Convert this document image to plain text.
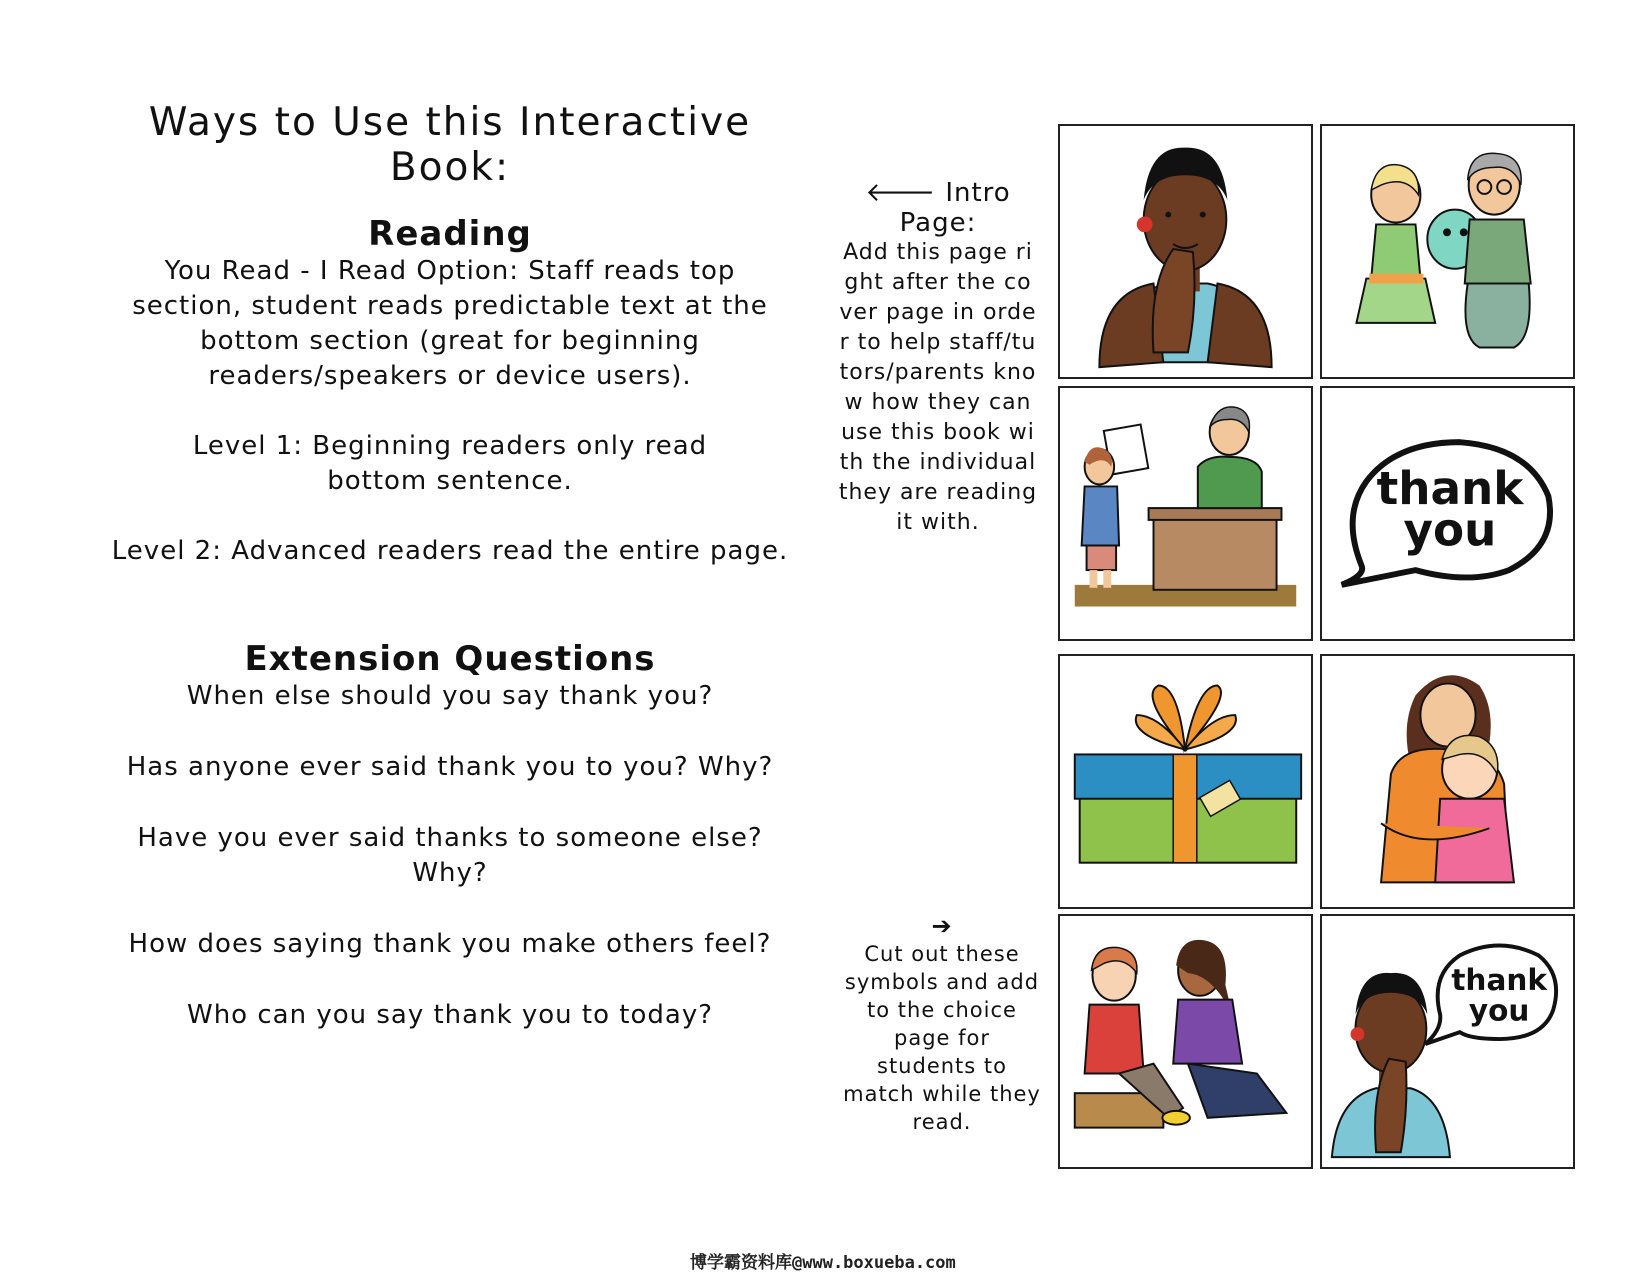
Ways to Use this Interactive Book:
Reading

You Read - I Read Option: Staff reads top section, student reads predictable text at the bottom section (great for beginning readers/speakers or device users).

Level 1: Beginning readers only read bottom sentence.

Level 2: Advanced readers read the entire page.

Extension Questions

When else should you say thank you?

Has anyone ever said thank you to you? Why?

Have you ever said thanks to someone else? Why?

How does saying thank you make others feel?

Who can you say thank you to today?

🡐 Intro Page:
Add this page right after the cover page in order to help staff/tutors/parents know how they can use this book with the individual they are reading it with.
➔
Cut out these symbols and add to the choice page for students to match while they read.
thank
you
thank
you
博学霸资料库@www.boxueba.com
